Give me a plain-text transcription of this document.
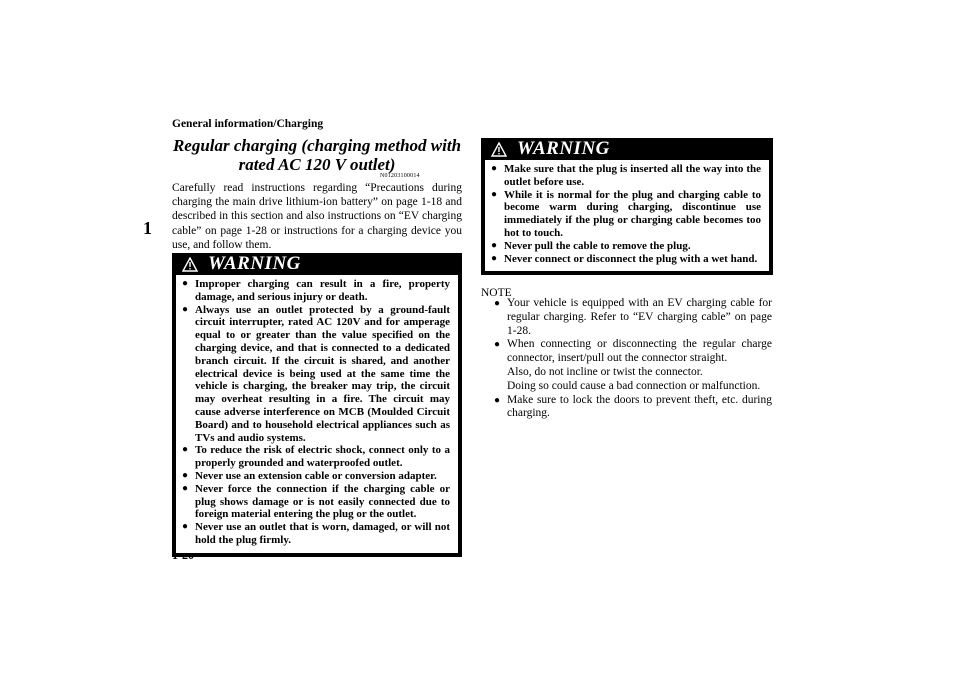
General information/Charging
1
Regular charging (charging method with rated AC 120 V outlet)
N01203100014
Carefully read instructions regarding “Precautions during charging the main drive lithium-ion battery” on page 1-18 and described in this section and also instructions on “EV charging cable” on page 1-28 or instructions for a charging device you use, and follow them.
WARNING
● Improper charging can result in a fire, property damage, and serious injury or death.
● Always use an outlet protected by a ground-fault circuit interrupter, rated AC 120V and for amperage equal to or greater than the value specified on the charging device, and that is connected to a dedicated branch circuit. If the circuit is shared, and another electrical device is being used at the same time the vehicle is charging, the breaker may trip, the circuit may overheat resulting in a fire. The circuit may cause adverse interference on MCB (Moulded Circuit Board) and to household electrical appliances such as TVs and audio systems.
● To reduce the risk of electric shock, connect only to a properly grounded and waterproofed outlet.
● Never use an extension cable or conversion adapter.
● Never force the connection if the charging cable or plug shows damage or is not easily connected due to foreign material entering the plug or the outlet.
● Never use an outlet that is worn, damaged, or will not hold the plug firmly.
WARNING
● Make sure that the plug is inserted all the way into the outlet before use.
● While it is normal for the plug and charging cable to become warm during charging, discontinue use immediately if the plug or charging cable becomes too hot to touch.
● Never pull the cable to remove the plug.
● Never connect or disconnect the plug with a wet hand.
NOTE
● Your vehicle is equipped with an EV charging cable for regular charging. Refer to “EV charging cable” on page 1-28.
● When connecting or disconnecting the regular charge connector, insert/pull out the connector straight.
Also, do not incline or twist the connector.
Doing so could cause a bad connection or malfunction.
● Make sure to lock the doors to prevent theft, etc. during charging.
